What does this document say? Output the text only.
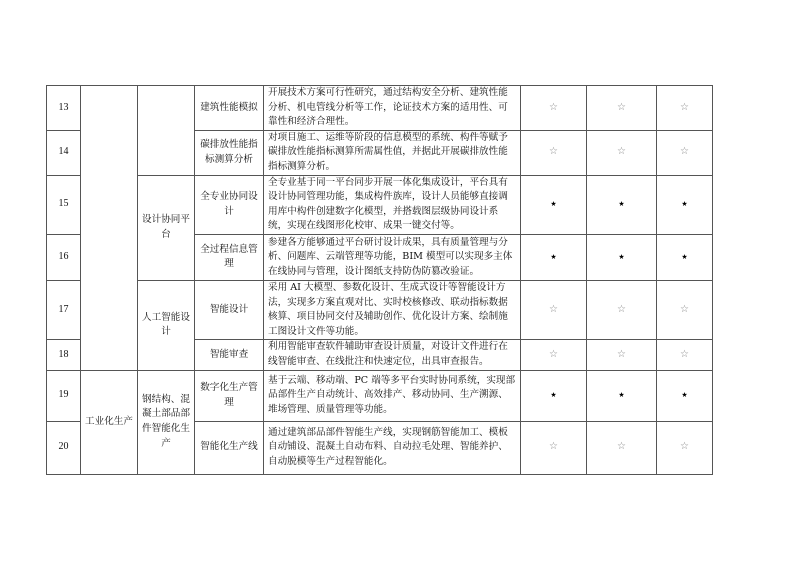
13			建筑性能模拟	开展技术方案可行性研究，通过结构安全分析、建筑性能分析、机电管线分析等工作，论证技术方案的适用性、可靠性和经济合理性。	☆	☆	☆
14			碳排放性能指标测算分析	对项目施工、运维等阶段的信息模型的系统、构件等赋予碳排放性能指标测算所需属性值，并据此开展碳排放性能指标测算分析。	☆	☆	☆
15		设计协同平台	全专业协同设计	全专业基于同一平台同步开展一体化集成设计，平台具有设计协同管理功能，集成构件族库，设计人员能够直接调用库中构件创建数字化模型，并搭载图层级协同设计系统，实现在线图形化校审、成果一键交付等。	★	★	★
16			全过程信息管理	参建各方能够通过平台研讨设计成果，具有质量管理与分析、问题库、云端管理等功能，BIM 模型可以实现多主体在线协同与管理，设计图纸支持防伪防篡改验证。	★	★	★
17		人工智能设计	智能设计	采用 AI 大模型、参数化设计、生成式设计等智能设计方法，实现多方案直观对比、实时校核修改、联动指标数据核算、项目协同交付及辅助创作、优化设计方案、绘制施工图设计文件等功能。	☆	☆	☆
18			智能审查	利用智能审查软件辅助审查设计质量，对设计文件进行在线智能审查、在线批注和快速定位，出具审查报告。	☆	☆	☆
19	工业化生产	钢结构、混凝土部品部件智能化生产	数字化生产管理	基于云端、移动端、PC 端等多平台实时协同系统，实现部品部件生产自动统计、高效排产、移动协同、生产溯源、堆场管理、质量管理等功能。	★	★	★
20			智能化生产线	通过建筑部品部件智能生产线，实现钢筋智能加工、模板自动铺设、混凝土自动布料、自动拉毛处理、智能养护、自动脱模等生产过程智能化。	☆	☆	☆
